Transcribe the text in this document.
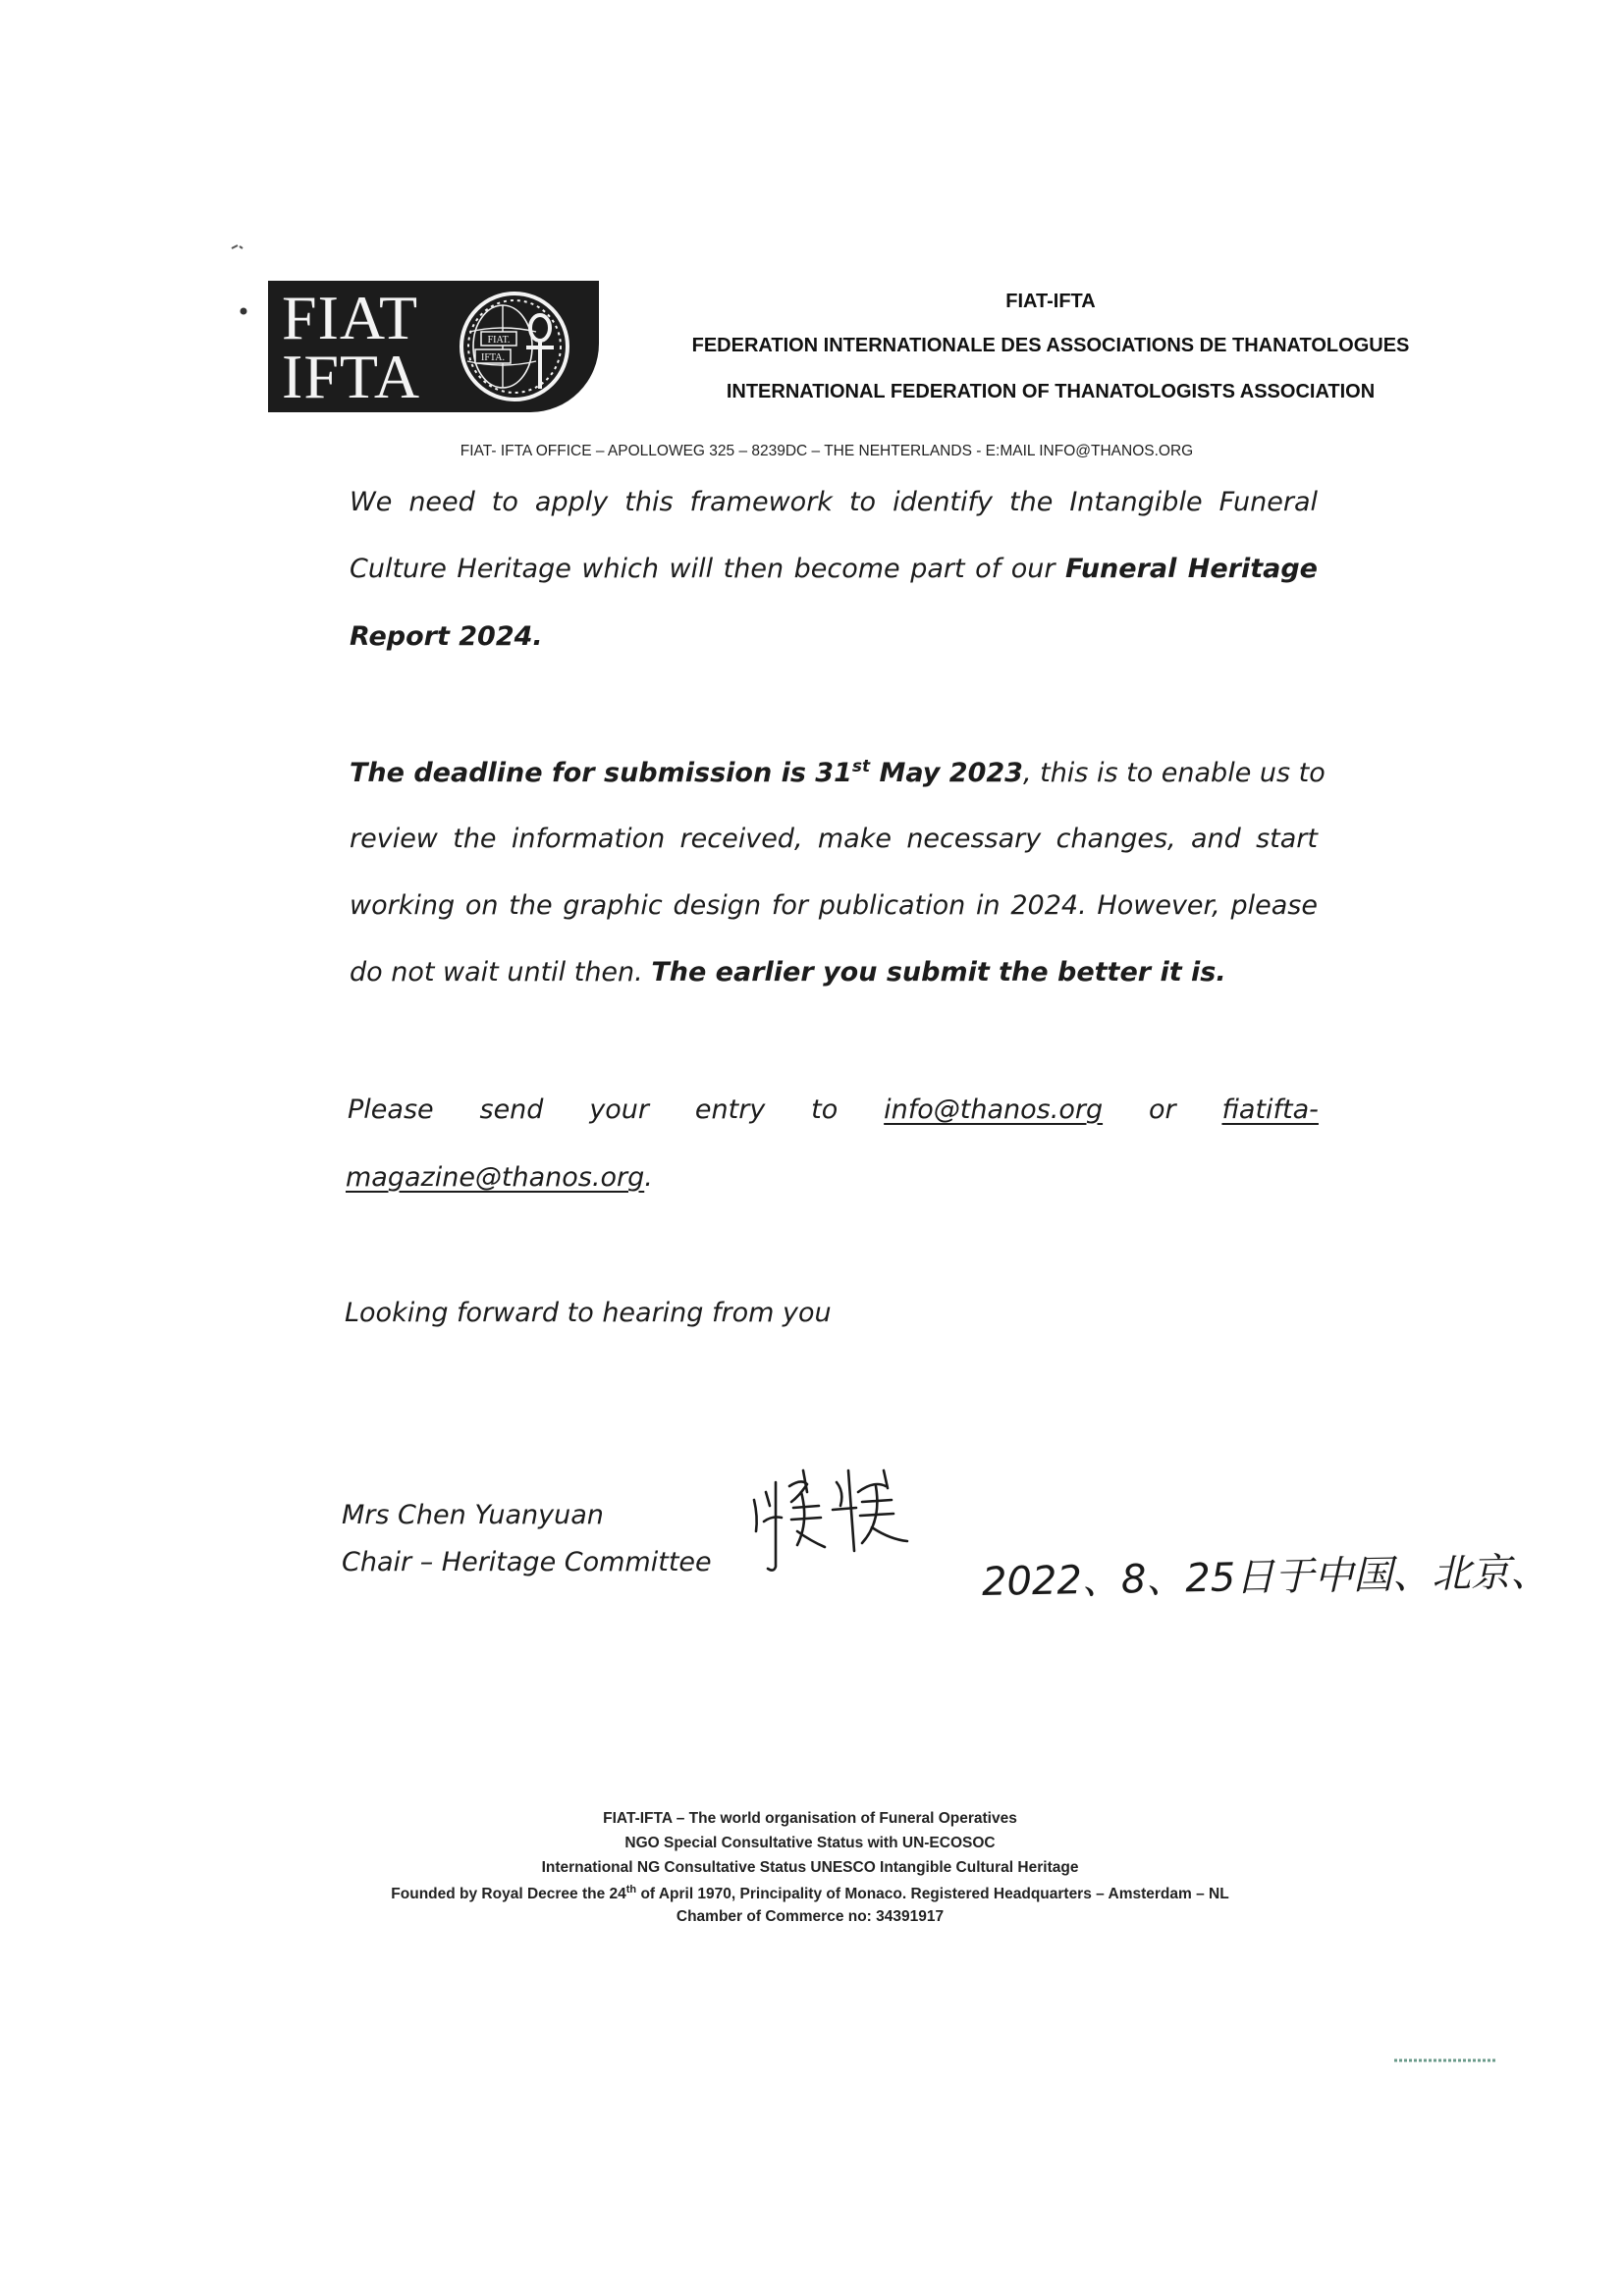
FIAT
IFTA
FIAT.
IFTA.
FIAT-IFTA
FEDERATION INTERNATIONALE DES ASSOCIATIONS DE THANATOLOGUES
INTERNATIONAL FEDERATION OF THANATOLOGISTS ASSOCIATION
FIAT- IFTA OFFICE – APOLLOWEG 325 – 8239DC – THE NEHTERLANDS - E:MAIL INFO@THANOS.ORG
We need to apply this framework to identify the Intangible Funeral
Culture Heritage which will then become part of our Funeral Heritage
Report 2024.
The deadline for submission is 31st May 2023, this is to enable us to
review the information received, make necessary changes, and start
working on the graphic design for publication in 2024. However, please
do not wait until then. The earlier you submit the better it is.
Please send your entry to info@thanos.org or fiatifta-
magazine@thanos.org.
Looking forward to hearing from you
Mrs Chen Yuanyuan
Chair – Heritage Committee	2022、8、25日于中国、北京、
FIAT-IFTA – The world organisation of Funeral Operatives
NGO Special Consultative Status with UN-ECOSOC
International NG Consultative Status UNESCO Intangible Cultural Heritage
Founded by Royal Decree the 24th of April 1970, Principality of Monaco. Registered Headquarters – Amsterdam – NL
Chamber of Commerce no: 34391917
